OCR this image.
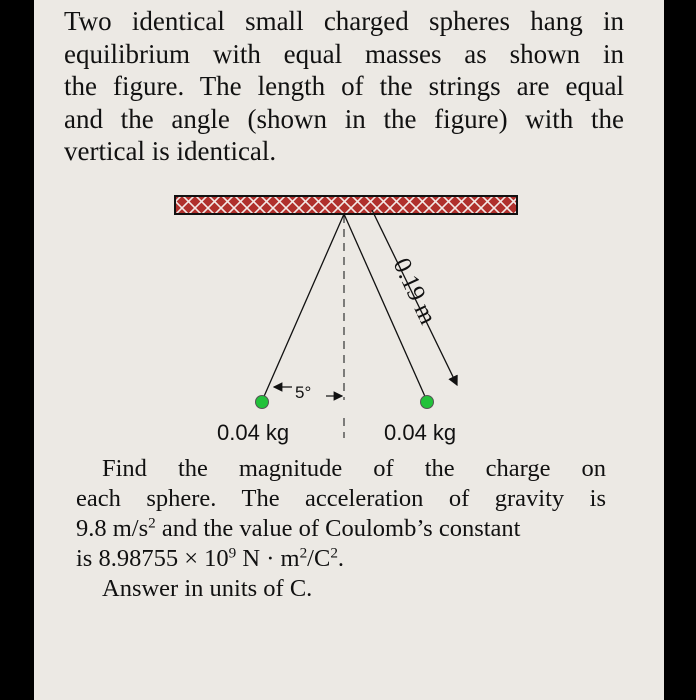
Two identical small charged spheres hang in
equilibrium with equal masses as shown in
the figure. The length of the strings are equal
and the angle (shown in the figure) with the
vertical is identical.
0.19 m
5°
0.04 kg	0.04 kg
Find the magnitude of the charge on
each sphere. The acceleration of gravity is
9.8 $m/s^2$ and the value of Coulomb’s constant
is $8.98755 \times 10^9$ $N \cdot m^2/C^2$.
Answer in units of C.
